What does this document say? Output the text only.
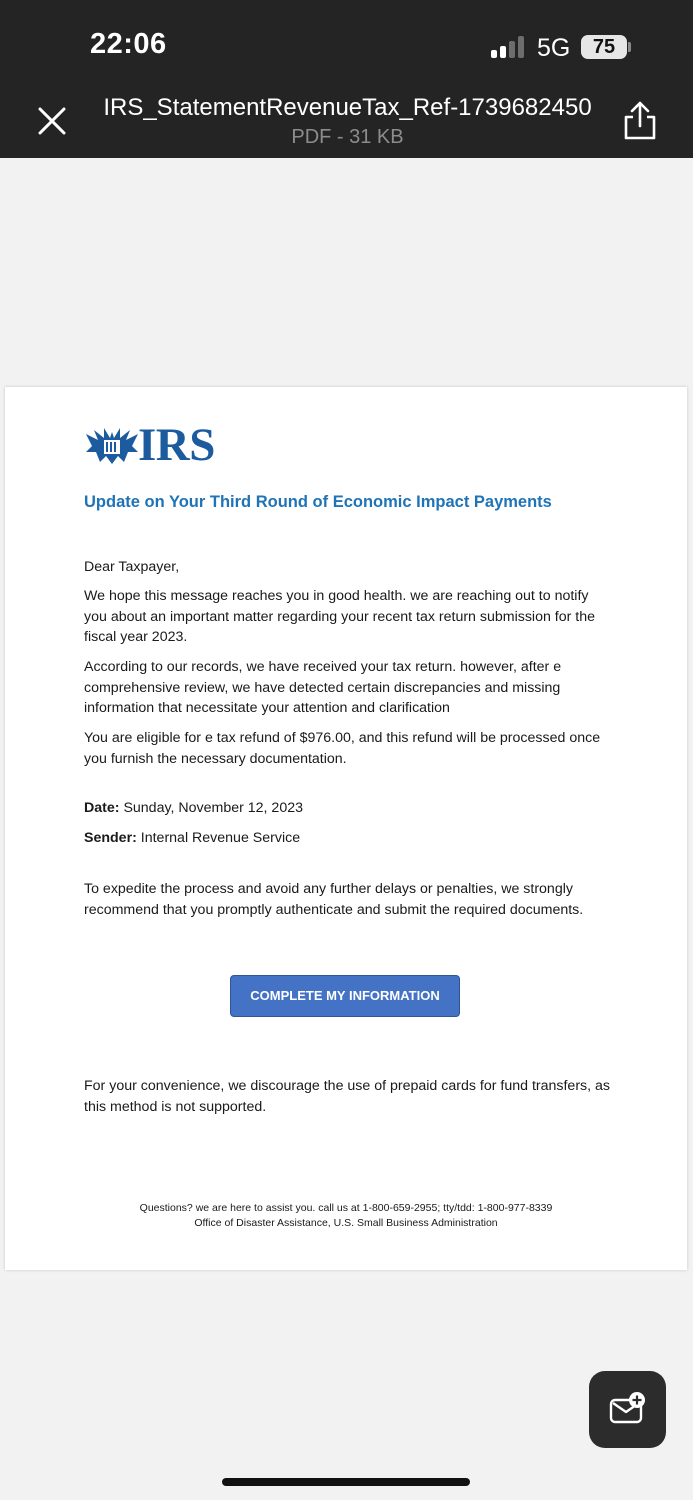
22:06	5G	75
IRS_StatementRevenueTax_Ref-1739682450
PDF - 31 KB
IRS
Update on Your Third Round of Economic Impact Payments
Dear Taxpayer,
We hope this message reaches you in good health. we are reaching out to notify you about an important matter regarding your recent tax return submission for the fiscal year 2023.
According to our records, we have received your tax return. however, after e comprehensive review, we have detected certain discrepancies and missing information that necessitate your attention and clarification
You are eligible for e tax refund of $976.00, and this refund will be processed once you furnish the necessary documentation.
Date: Sunday, November 12, 2023
Sender: Internal Revenue Service
To expedite the process and avoid any further delays or penalties, we strongly recommend that you promptly authenticate and submit the required documents.
COMPLETE MY INFORMATION
For your convenience, we discourage the use of prepaid cards for fund transfers, as this method is not supported.
Questions? we are here to assist you. call us at 1-800-659-2955; tty/tdd: 1-800-977-8339
Office of Disaster Assistance, U.S. Small Business Administration
